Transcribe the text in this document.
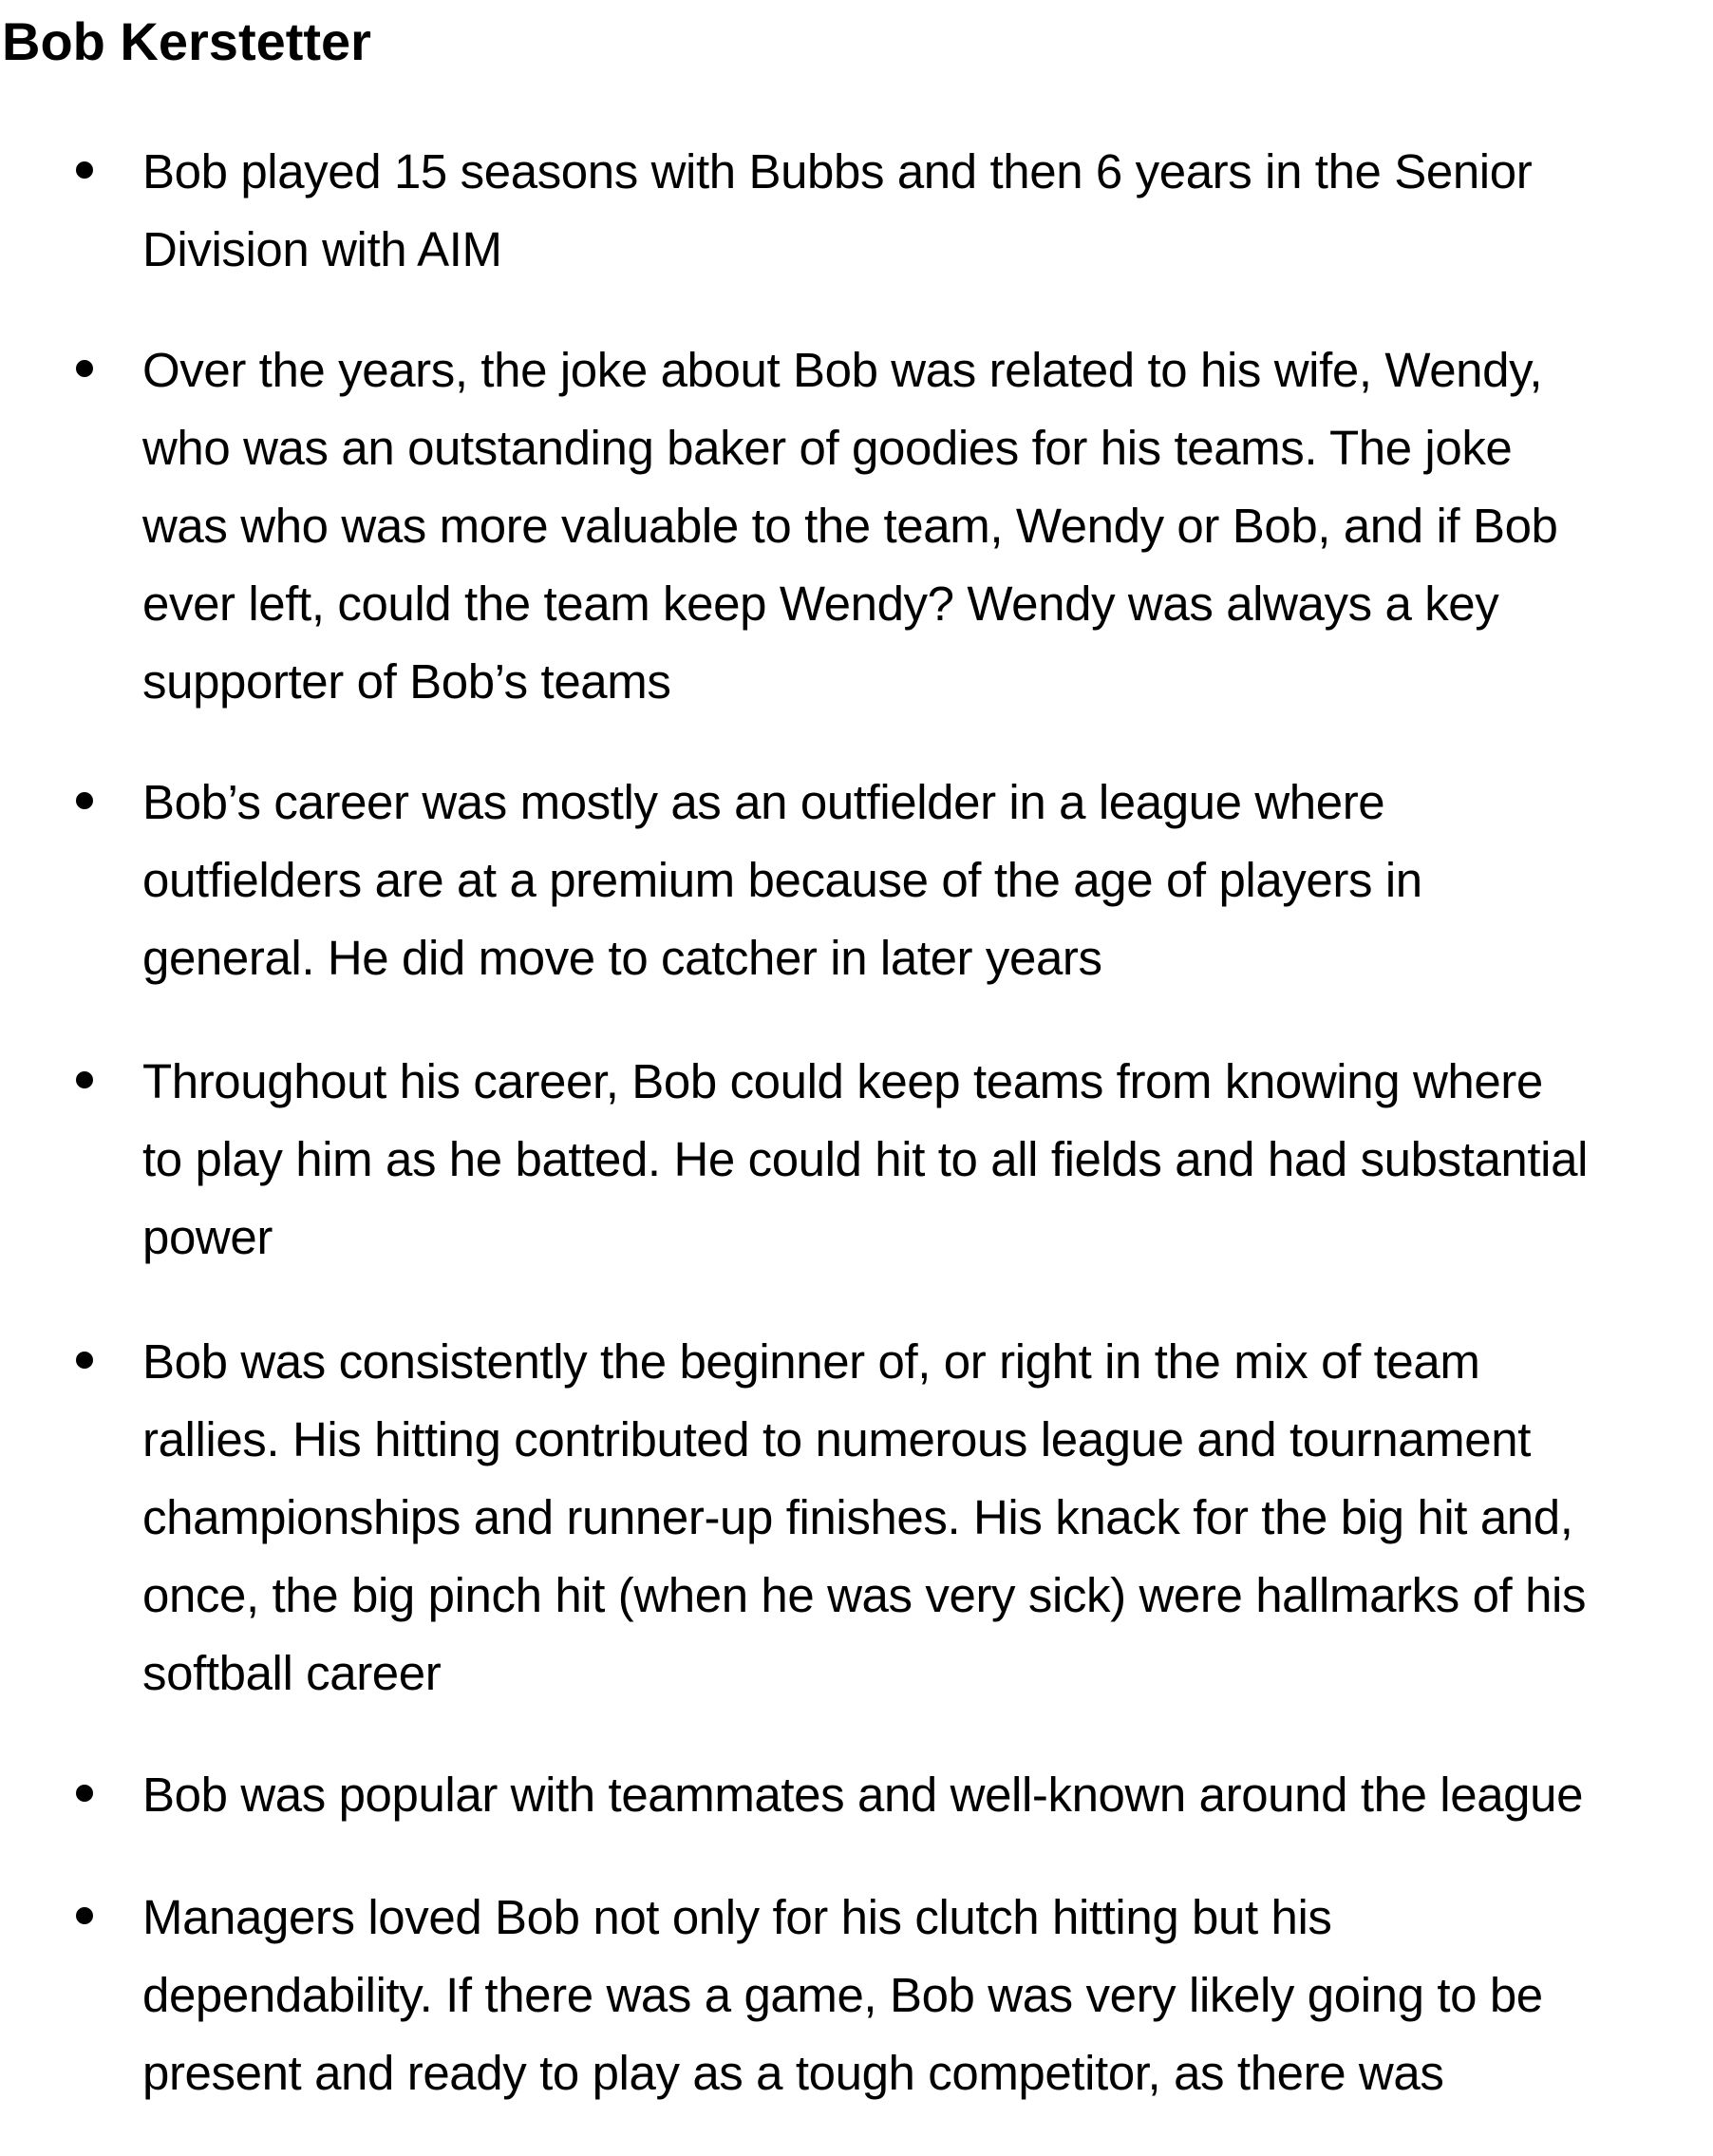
Bob Kerstetter
Bob played 15 seasons with Bubbs and then 6 years in the Senior
Division with AIM
Over the years, the joke about Bob was related to his wife, Wendy,
who was an outstanding baker of goodies for his teams. The joke
was who was more valuable to the team, Wendy or Bob, and if Bob
ever left, could the team keep Wendy? Wendy was always a key
supporter of Bob’s teams
Bob’s career was mostly as an outfielder in a league where
outfielders are at a premium because of the age of players in
general. He did move to catcher in later years
Throughout his career, Bob could keep teams from knowing where
to play him as he batted. He could hit to all fields and had substantial
power
Bob was consistently the beginner of, or right in the mix of team
rallies. His hitting contributed to numerous league and tournament
championships and runner-up finishes. His knack for the big hit and,
once, the big pinch hit (when he was very sick) were hallmarks of his
softball career
Bob was popular with teammates and well-known around the league
Managers loved Bob not only for his clutch hitting but his
dependability. If there was a game, Bob was very likely going to be
present and ready to play as a tough competitor, as there was
